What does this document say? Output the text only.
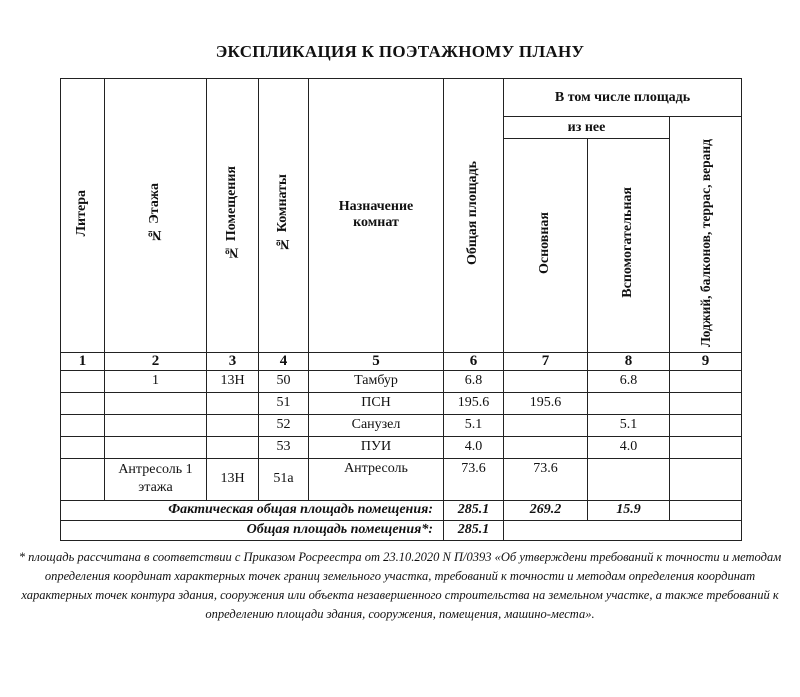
ЭКСПЛИКАЦИЯ К ПОЭТАЖНОМУ ПЛАНУ
Литера	№ Этажа	№ Помещения	№ Комнаты	Назначение комнат	Общая площадь	В том числе площадь		
						из нее		
						Основная	Вспомогательная	Лоджий, балконов, террас, веранд
1	2	3	4	5	6	7	8	9
	1	13Н	50	Тамбур	6.8		6.8	
			51	ПСН	195.6	195.6		
			52	Санузел	5.1		5.1	
			53	ПУИ	4.0		4.0	
	Антресоль 1 этажа	13Н	51а	Антресоль	73.6	73.6		
Фактическая общая площадь помещения:					285.1	269.2	15.9	
Общая площадь помещения*:					285.1			
* площадь рассчитана в соответствии с Приказом Росреестра от 23.10.2020 N П/0393 «Об утверждени требований к точности и методам определения координат характерных точек границ земельного участка, требований к точности и методам определения координат характерных точек контура здания, сооружения или объекта незавершенного строительства на земельном участке, а также требований к определению площади здания, сооружения, помещения, машино-места».
